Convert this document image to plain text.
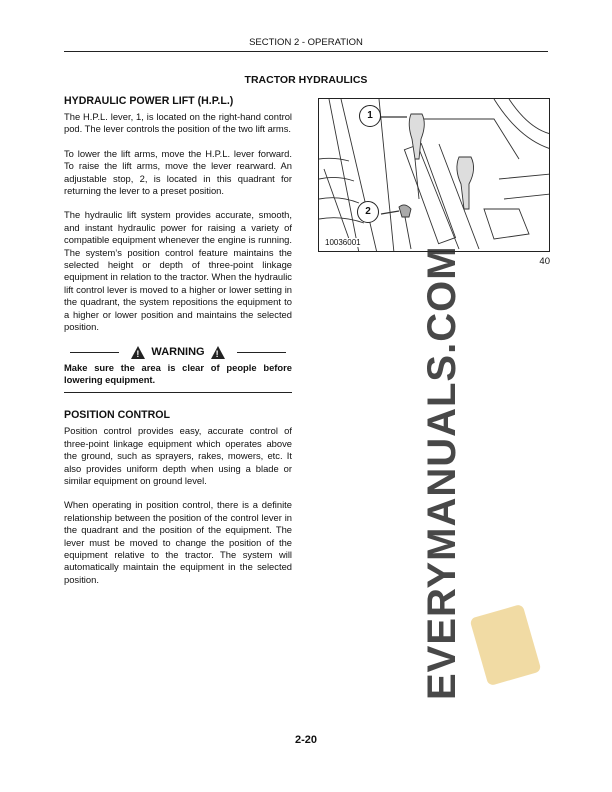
SECTION 2 - OPERATION
TRACTOR HYDRAULICS
HYDRAULIC POWER LIFT (H.P.L.)

The H.P.L. lever, 1, is located on the right-hand control pod. The lever controls the position of the two lift arms.

To lower the lift arms, move the H.P.L. lever forward. To raise the lift arms, move the lever rearward. An adjustable stop, 2, is located in this quadrant for returning the lever to a preset position.

The hydraulic lift system provides accurate, smooth, and instant hydraulic power for raising a variety of compatible equipment whenever the engine is running. The system’s position control feature maintains the selected height or depth of three-point linkage equipment in relation to the tractor. When the hydraulic lift control lever is moved to a higher or lower setting in the quadrant, the system repositions the equipment to a higher or lower position and maintains the selected position.

! WARNING !
Make sure the area is clear of people before lowering equipment.
POSITION CONTROL

Position control provides easy, accurate control of three-point linkage equipment which operates above the ground, such as sprayers, rakes, mowers, etc. It also provides uniform depth when using a blade or similar equipment on ground level.

When operating in position control, there is a definite relationship between the position of the control lever in the quadrant and the position of the equipment. The lever must be moved to change the position of the equipment relative to the tractor. The system will automatically maintain the equipment in the selected position.

1
2
10036001
40
EVERYMANUALS.COM
2-20
